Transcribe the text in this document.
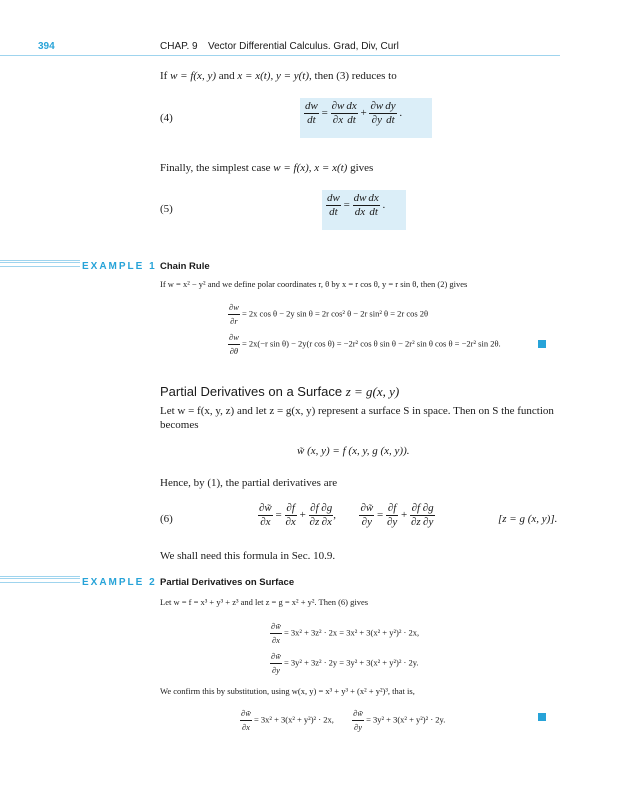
394	CHAP. 9 Vector Differential Calculus. Grad, Div, Curl
If w = f(x, y) and x = x(t), y = y(t), then (3) reduces to
(4)	$\frac{dw}{dt} = \frac{\partial w}{\partial x} \frac{dx}{dt} + \frac{\partial w}{\partial y} \frac{dy}{dt}$ .
Finally, the simplest case w = f(x), x = x(t) gives
(5)	$\frac{dw}{dt} = \frac{dw}{dx} \frac{dx}{dt}$ .
EXAMPLE 1 Chain Rule
If w = x² − y² and we define polar coordinates r, θ by x = r cos θ, y = r sin θ, then (2) gives
$\frac{\partial w}{\partial r} = 2x$ cos θ − 2y sin θ = 2r cos² θ − 2r sin² θ = 2r cos 2θ
$\frac{\partial w}{\partial\theta} = 2x(-r$ sin θ) − 2y(r cos θ) = −2r² cos θ sin θ − 2r² sin θ cos θ = −2r² sin 2θ.
Partial Derivatives on a Surface z = g(x, y)
Let w = f(x, y, z) and let z = g(x, y) represent a surface S in space. Then on S the function becomes
w̃ (x, y) = f (x, y, g (x, y)).
Hence, by (1), the partial derivatives are
(6)	$\frac{\partial w̃}{\partial x} = \frac{\partial f}{\partial x} + \frac{\partial f}{\partial z} \frac{\partial g}{\partial x}$ , $\frac{\partial w̃}{\partial y} = \frac{\partial f}{\partial y} + \frac{\partial f}{\partial z} \frac{\partial g}{\partial y}$	[z = g (x, y)].
We shall need this formula in Sec. 10.9.
EXAMPLE 2 Partial Derivatives on Surface
Let w = f = x³ + y³ + z³ and let z = g = x² + y². Then (6) gives
$\frac{\partial w̃}{\partial x} = 3x^2 + 3z^2 \cdot 2x = 3x^2 + 3(x^2 + y^2)^2 \cdot 2x$,
$\frac{\partial w̃}{\partial y} = 3y^2 + 3z^2 \cdot 2y = 3y^2 + 3(x^2 + y^2)^2 \cdot 2y$.
We confirm this by substitution, using w(x, y) = x³ + y³ + (x² + y²)³, that is,
$\frac{\partial w̃}{\partial x} = 3x^2 + 3(x^2 + y^2)^2 \cdot 2x$, $\frac{\partial w̃}{\partial y} = 3y^2 + 3(x^2 + y^2)^2 \cdot 2y$.
